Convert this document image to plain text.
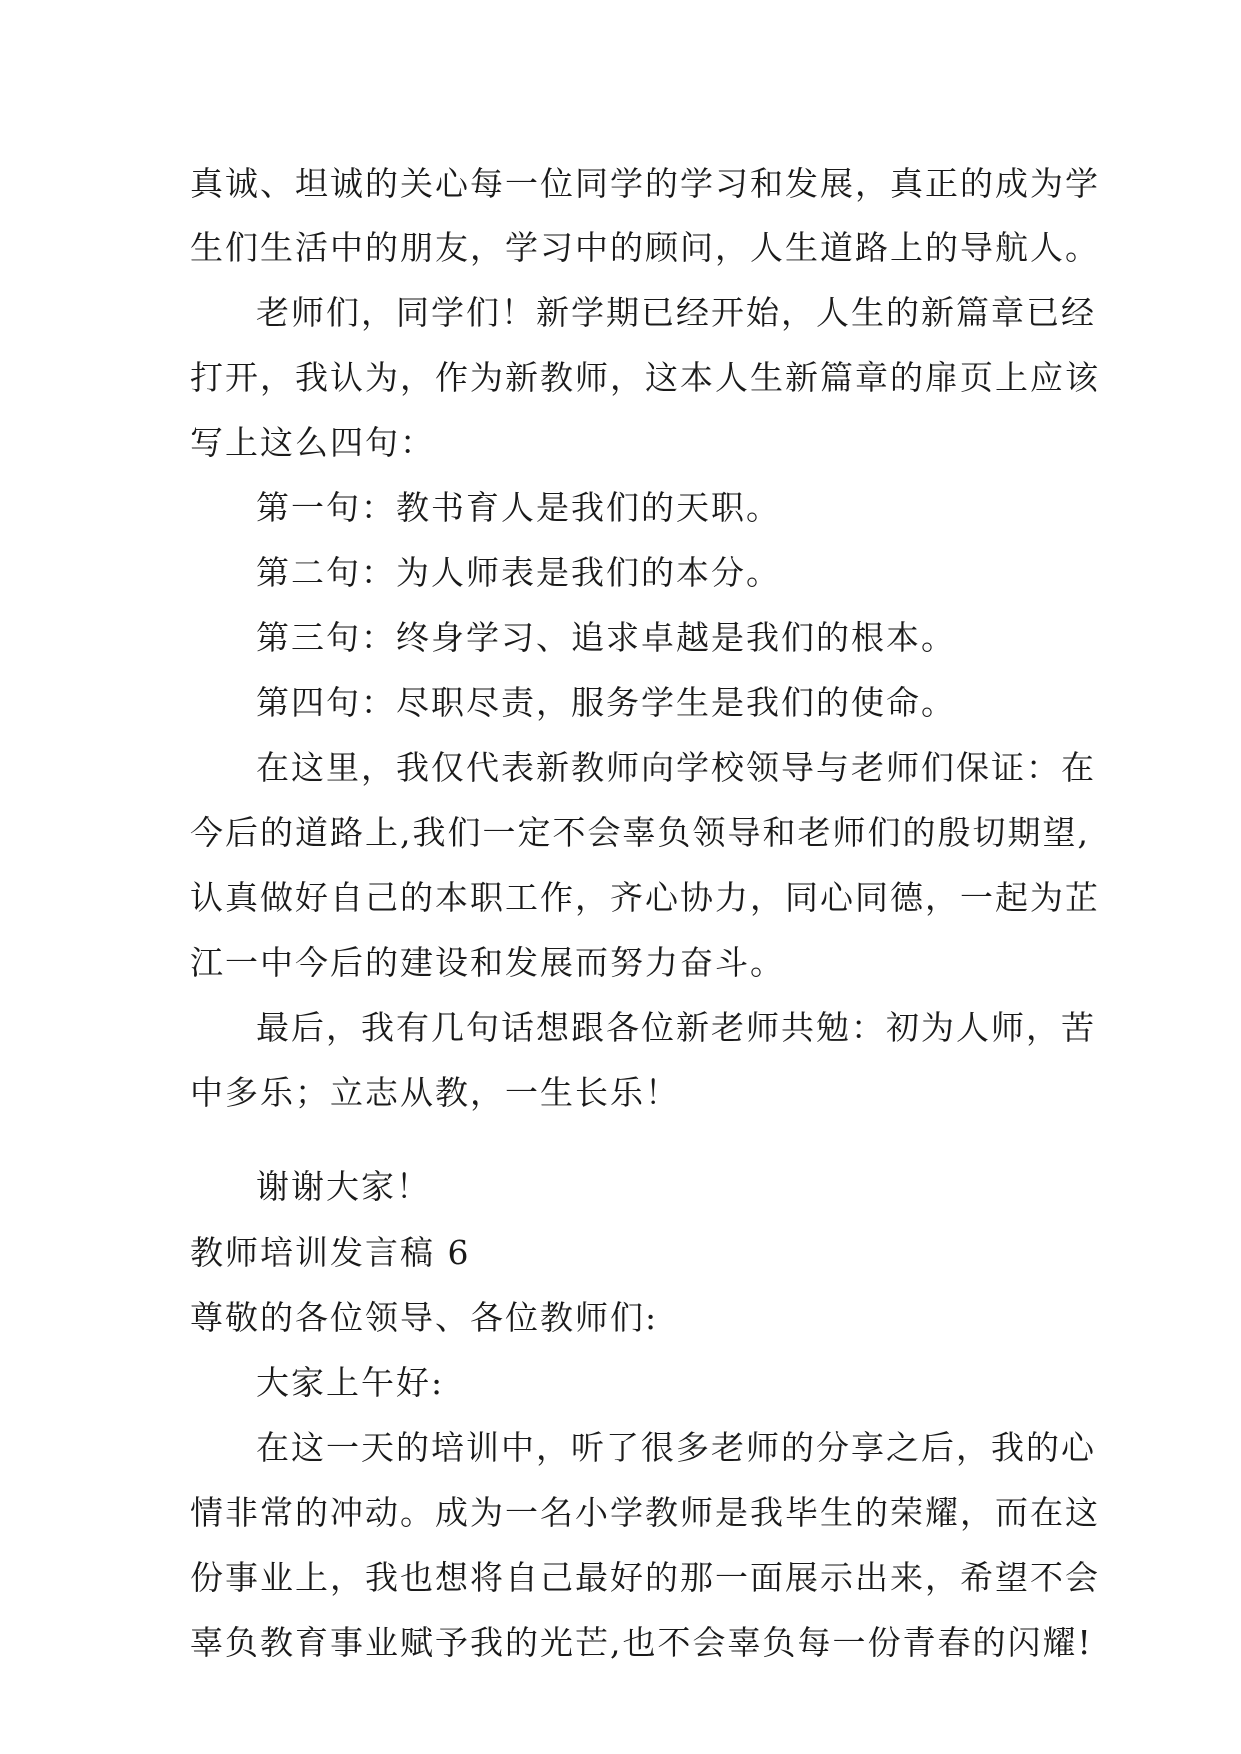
真诚、坦诚的关心每一位同学的学习和发展，真正的成为学
生们生活中的朋友，学习中的顾问，人生道路上的导航人。
老师们，同学们！新学期已经开始，人生的新篇章已经
打开，我认为，作为新教师，这本人生新篇章的扉页上应该
写上这么四句：
第一句：教书育人是我们的天职。
第二句：为人师表是我们的本分。
第三句：终身学习、追求卓越是我们的根本。
第四句：尽职尽责，服务学生是我们的使命。
在这里，我仅代表新教师向学校领导与老师们保证：在
今后的道路上,我们一定不会辜负领导和老师们的殷切期望,
认真做好自己的本职工作，齐心协力，同心同德，一起为芷
江一中今后的建设和发展而努力奋斗。
最后，我有几句话想跟各位新老师共勉：初为人师，苦
中多乐；立志从教，一生长乐！
谢谢大家！
教师培训发言稿 6
尊敬的各位领导、各位教师们:
大家上午好:
在这一天的培训中，听了很多老师的分享之后，我的心
情非常的冲动。成为一名小学教师是我毕生的荣耀，而在这
份事业上，我也想将自己最好的那一面展示出来，希望不会
辜负教育事业赋予我的光芒,也不会辜负每一份青春的闪耀!
